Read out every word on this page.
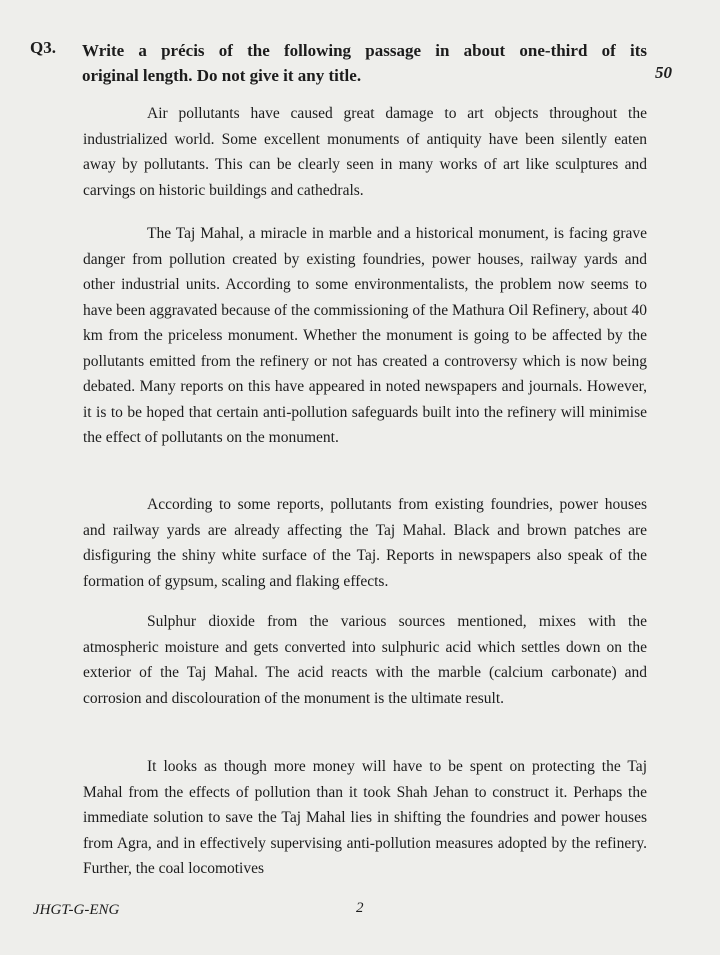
Q3. Write a précis of the following passage in about one-third of its
original length. Do not give it any title.	50

Air pollutants have caused great damage to art objects throughout the industrialized world. Some excellent monuments of antiquity have been silently eaten away by pollutants. This can be clearly seen in many works of art like sculptures and carvings on historic buildings and cathedrals.

The Taj Mahal, a miracle in marble and a historical monument, is facing grave danger from pollution created by existing foundries, power houses, railway yards and other industrial units. According to some environmentalists, the problem now seems to have been aggravated because of the commissioning of the Mathura Oil Refinery, about 40 km from the priceless monument. Whether the monument is going to be affected by the pollutants emitted from the refinery or not has created a controversy which is now being debated. Many reports on this have appeared in noted newspapers and journals. However, it is to be hoped that certain anti-pollution safeguards built into the refinery will minimise the effect of pollutants on the monument.

According to some reports, pollutants from existing foundries, power houses and railway yards are already affecting the Taj Mahal. Black and brown patches are disfiguring the shiny white surface of the Taj. Reports in newspapers also speak of the formation of gypsum, scaling and flaking effects.

Sulphur dioxide from the various sources mentioned, mixes with the atmospheric moisture and gets converted into sulphuric acid which settles down on the exterior of the Taj Mahal. The acid reacts with the marble (calcium carbonate) and corrosion and discolouration of the monument is the ultimate result.

It looks as though more money will have to be spent on protecting the Taj Mahal from the effects of pollution than it took Shah Jehan to construct it. Perhaps the immediate solution to save the Taj Mahal lies in shifting the foundries and power houses from Agra, and in effectively supervising anti-pollution measures adopted by the refinery. Further, the coal locomotives

JHGT-G-ENG	2
